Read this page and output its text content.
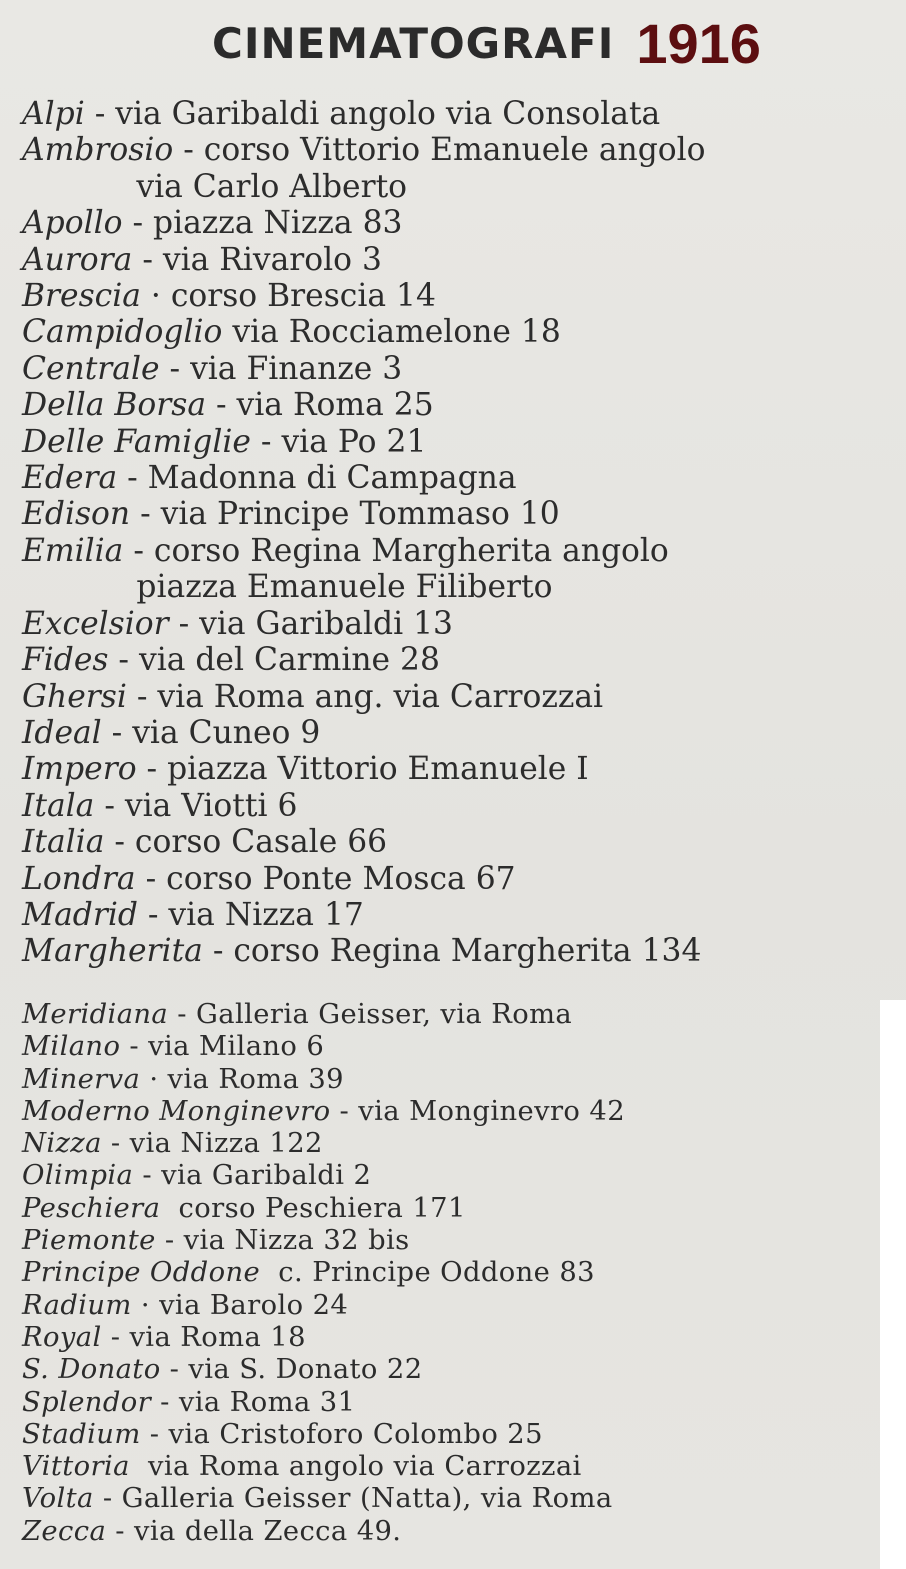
CINEMATOGRAFI 1916
Alpi - via Garibaldi angolo via Consolata
Ambrosio - corso Vittorio Emanuele angolo
via Carlo Alberto
Apollo - piazza Nizza 83
Aurora - via Rivarolo 3
Brescia · corso Brescia 14
Campidoglio via Rocciamelone 18
Centrale - via Finanze 3
Della Borsa - via Roma 25
Delle Famiglie - via Po 21
Edera - Madonna di Campagna
Edison - via Principe Tommaso 10
Emilia - corso Regina Margherita angolo
piazza Emanuele Filiberto
Excelsior - via Garibaldi 13
Fides - via del Carmine 28
Ghersi - via Roma ang. via Carrozzai
Ideal - via Cuneo 9
Impero - piazza Vittorio Emanuele I
Itala - via Viotti 6
Italia - corso Casale 66
Londra - corso Ponte Mosca 67
Madrid - via Nizza 17
Margherita - corso Regina Margherita 134
Meridiana - Galleria Geisser, via Roma
Milano - via Milano 6
Minerva · via Roma 39
Moderno Monginevro - via Monginevro 42
Nizza - via Nizza 122
Olimpia - via Garibaldi 2
Peschiera corso Peschiera 171
Piemonte - via Nizza 32 bis
Principe Oddone c. Principe Oddone 83
Radium · via Barolo 24
Royal - via Roma 18
S. Donato - via S. Donato 22
Splendor - via Roma 31
Stadium - via Cristoforo Colombo 25
Vittoria via Roma angolo via Carrozzai
Volta - Galleria Geisser (Natta), via Roma
Zecca - via della Zecca 49.
